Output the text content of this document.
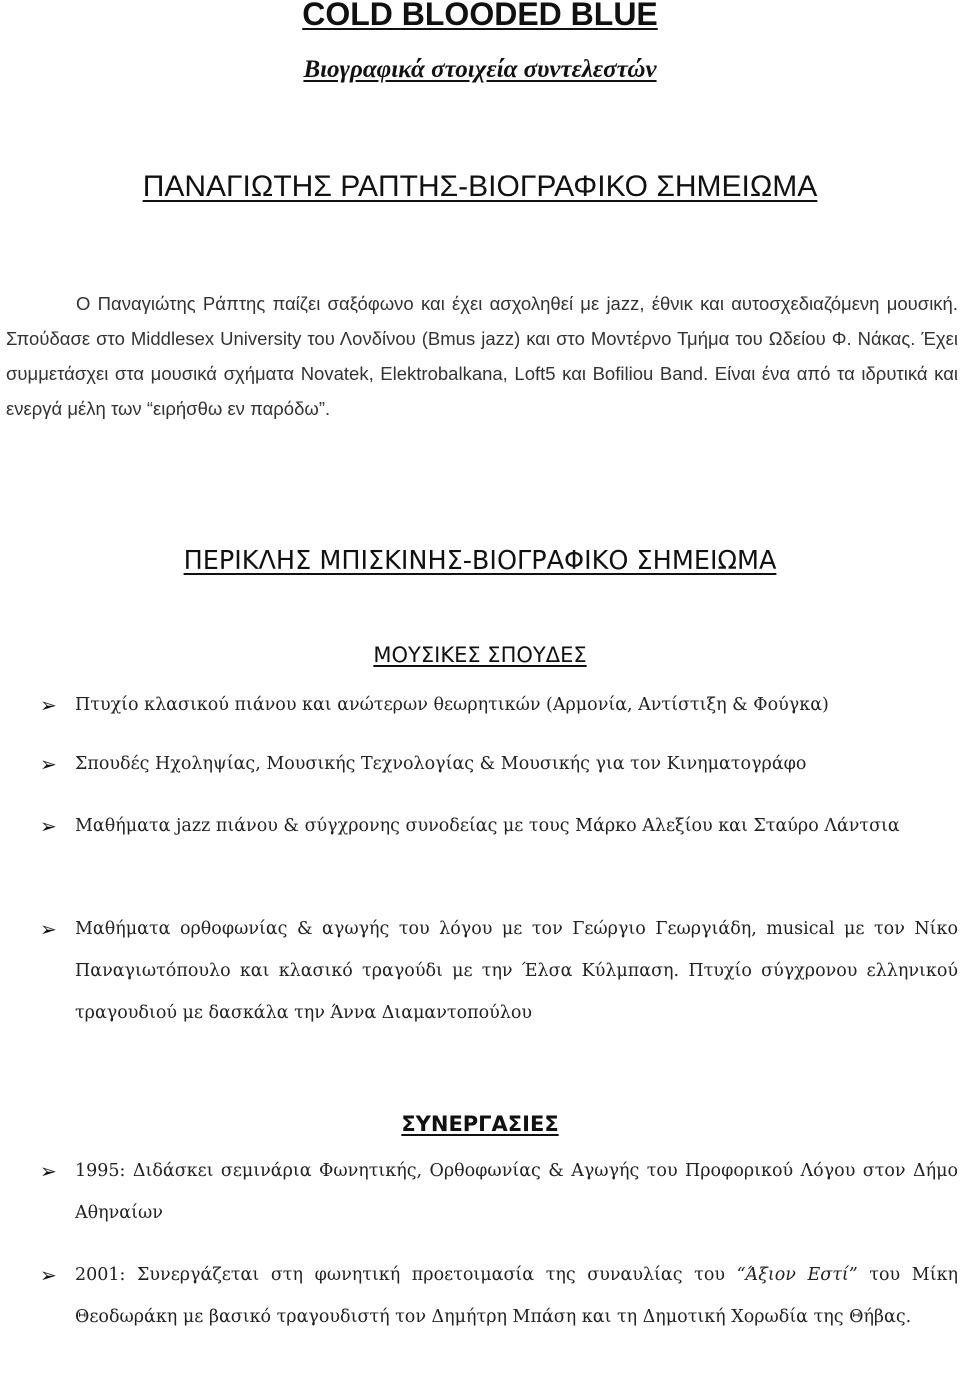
COLD BLOODED BLUE
Βιογραφικά στοιχεία συντελεστών
ΠΑΝΑΓΙΩΤΗΣ ΡΑΠΤΗΣ-ΒΙΟΓΡΑΦΙΚΟ ΣΗΜΕΙΩΜΑ
Ο Παναγιώτης Ράπτης παίζει σαξόφωνο και έχει ασχοληθεί με jazz, έθνικ και αυτοσχεδιαζόμενη μουσική. Σπούδασε στο Middlesex University του Λονδίνου (Bmus jazz) και στο Μοντέρνο Τμήμα του Ωδείου Φ. Νάκας. Έχει συμμετάσχει στα μουσικά σχήματα Novatek, Elektrobalkana, Loft5 και Bofiliou Band. Είναι ένα από τα ιδρυτικά και ενεργά μέλη των “ειρήσθω εν παρόδω”.
ΠΕΡΙΚΛΗΣ ΜΠΙΣΚΙΝΗΣ-ΒΙΟΓΡΑΦΙΚΟ ΣΗΜΕΙΩΜΑ
ΜΟΥΣΙΚΕΣ ΣΠΟΥΔΕΣ
➢ Πτυχίο κλασικού πιάνου και ανώτερων θεωρητικών (Αρμονία, Αντίστιξη & Φούγκα)
➢ Σπουδές Ηχοληψίας, Μουσικής Τεχνολογίας & Μουσικής για τον Κινηματογράφο
➢ Μαθήματα jazz πιάνου & σύγχρονης συνοδείας με τους Μάρκο Αλεξίου και Σταύρο Λάντσια
➢ Μαθήματα ορθοφωνίας & αγωγής του λόγου με τον Γεώργιο Γεωργιάδη, musical με τον Νίκο Παναγιωτόπουλο και κλασικό τραγούδι με την Έλσα Κύλμπαση. Πτυχίο σύγχρονου ελληνικού τραγουδιού με δασκάλα την Άννα Διαμαντοπούλου
ΣΥΝΕΡΓΑΣΙΕΣ
➢ 1995: Διδάσκει σεμινάρια Φωνητικής, Ορθοφωνίας & Αγωγής του Προφορικού Λόγου στον Δήμο Αθηναίων
➢ 2001: Συνεργάζεται στη φωνητική προετοιμασία της συναυλίας του “Άξιον Εστί” του Μίκη Θεοδωράκη με βασικό τραγουδιστή τον Δημήτρη Μπάση και τη Δημοτική Χορωδία της Θήβας.
